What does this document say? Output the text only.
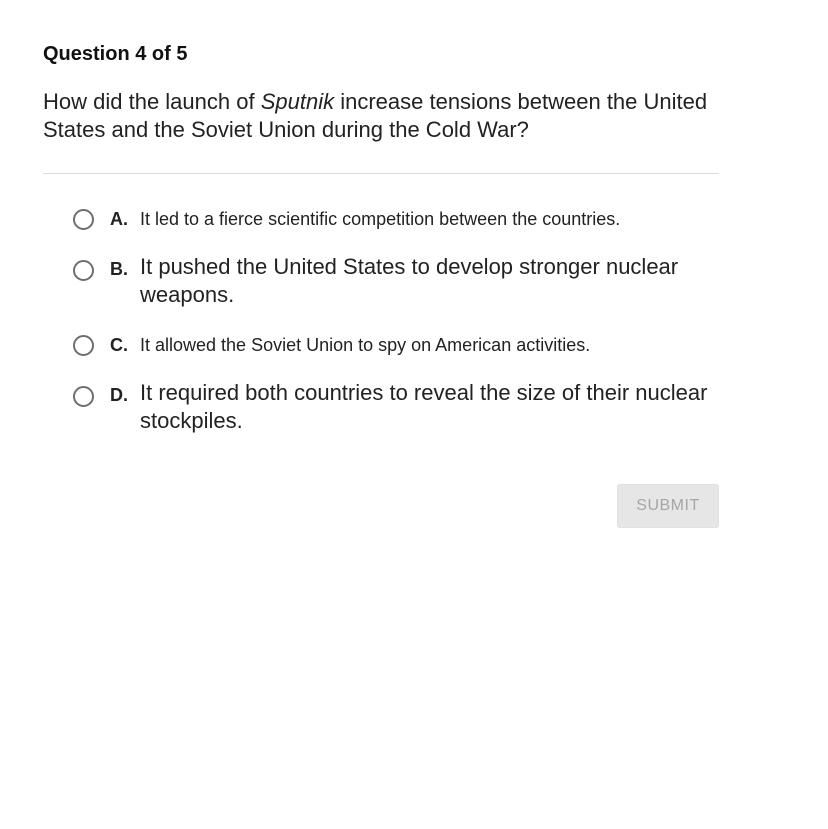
Question 4 of 5
How did the launch of Sputnik increase tensions between the United States and the Soviet Union during the Cold War?
A. It led to a fierce scientific competition between the countries.
B. It pushed the United States to develop stronger nuclear weapons.
C. It allowed the Soviet Union to spy on American activities.
D. It required both countries to reveal the size of their nuclear stockpiles.
SUBMIT
